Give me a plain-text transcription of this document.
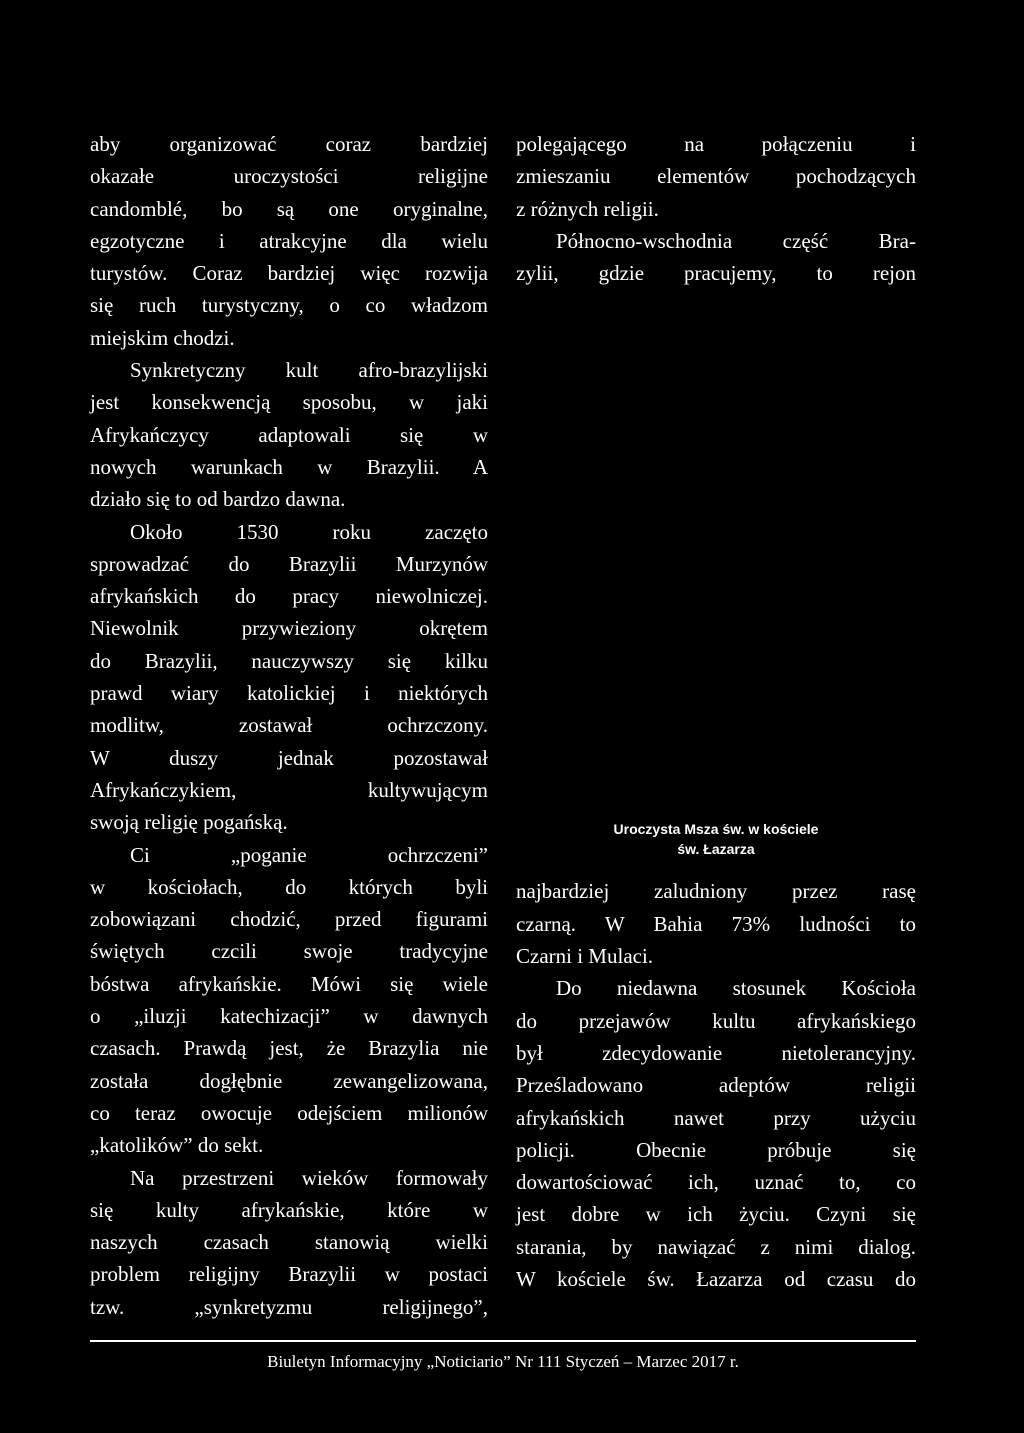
aby organizować coraz bardziej
okazałe uroczystości religijne
candomblé, bo są one oryginalne,
egzotyczne i atrakcyjne dla wielu
turystów. Coraz bardziej więc rozwija
się ruch turystyczny, o co władzom
miejskim chodzi.
Synkretyczny kult afro-brazylijski
jest konsekwencją sposobu, w jaki
Afrykańczycy adaptowali się w
nowych warunkach w Brazylii. A
działo się to od bardzo dawna.
Około 1530 roku zaczęto
sprowadzać do Brazylii Murzynów
afrykańskich do pracy niewolniczej.
Niewolnik przywieziony okrętem
do Brazylii, nauczywszy się kilku
prawd wiary katolickiej i niektórych
modlitw, zostawał ochrzczony.
W duszy jednak pozostawał
Afrykańczykiem, kultywującym
swoją religię pogańską.
Ci „poganie ochrzczeni”
w kościołach, do których byli
zobowiązani chodzić, przed figurami
świętych czcili swoje tradycyjne
bóstwa afrykańskie. Mówi się wiele
o „iluzji katechizacji” w dawnych
czasach. Prawdą jest, że Brazylia nie
została dogłębnie zewangelizowana,
co teraz owocuje odejściem milionów
„katolików” do sekt.
Na przestrzeni wieków formowały
się kulty afrykańskie, które w
naszych czasach stanowią wielki
problem religijny Brazylii w postaci
tzw. „synkretyzmu religijnego”,
polegającego na połączeniu i
zmieszaniu elementów pochodzących
z różnych religii.
Północno-wschodnia część Bra-
zylii, gdzie pracujemy, to rejon
Uroczysta Msza św. w kościele
św. Łazarza
najbardziej zaludniony przez rasę
czarną. W Bahia 73% ludności to
Czarni i Mulaci.
Do niedawna stosunek Kościoła
do przejawów kultu afrykańskiego
był zdecydowanie nietolerancyjny.
Prześladowano adeptów religii
afrykańskich nawet przy użyciu
policji. Obecnie próbuje się
dowartościować ich, uznać to, co
jest dobre w ich życiu. Czyni się
starania, by nawiązać z nimi dialog.
W kościele św. Łazarza od czasu do
Biuletyn Informacyjny „Noticiario” Nr 111 Styczeń – Marzec 2017 r.
